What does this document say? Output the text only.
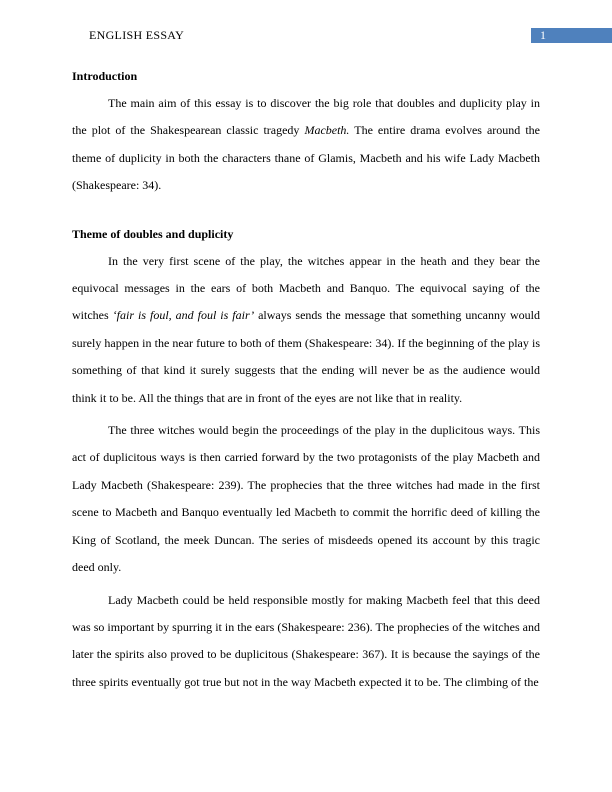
ENGLISH ESSAY	1
Introduction

The main aim of this essay is to discover the big role that doubles and duplicity play in the plot of the Shakespearean classic tragedy Macbeth. The entire drama evolves around the theme of duplicity in both the characters thane of Glamis, Macbeth and his wife Lady Macbeth (Shakespeare: 34).

Theme of doubles and duplicity

In the very first scene of the play, the witches appear in the heath and they bear the equivocal messages in the ears of both Macbeth and Banquo. The equivocal saying of the witches ‘fair is foul, and foul is fair’ always sends the message that something uncanny would surely happen in the near future to both of them (Shakespeare: 34). If the beginning of the play is something of that kind it surely suggests that the ending will never be as the audience would think it to be. All the things that are in front of the eyes are not like that in reality.

The three witches would begin the proceedings of the play in the duplicitous ways. This act of duplicitous ways is then carried forward by the two protagonists of the play Macbeth and Lady Macbeth (Shakespeare: 239). The prophecies that the three witches had made in the first scene to Macbeth and Banquo eventually led Macbeth to commit the horrific deed of killing the King of Scotland, the meek Duncan. The series of misdeeds opened its account by this tragic deed only.

Lady Macbeth could be held responsible mostly for making Macbeth feel that this deed was so important by spurring it in the ears (Shakespeare: 236). The prophecies of the witches and later the spirits also proved to be duplicitous (Shakespeare: 367). It is because the sayings of the three spirits eventually got true but not in the way Macbeth expected it to be. The climbing of the
